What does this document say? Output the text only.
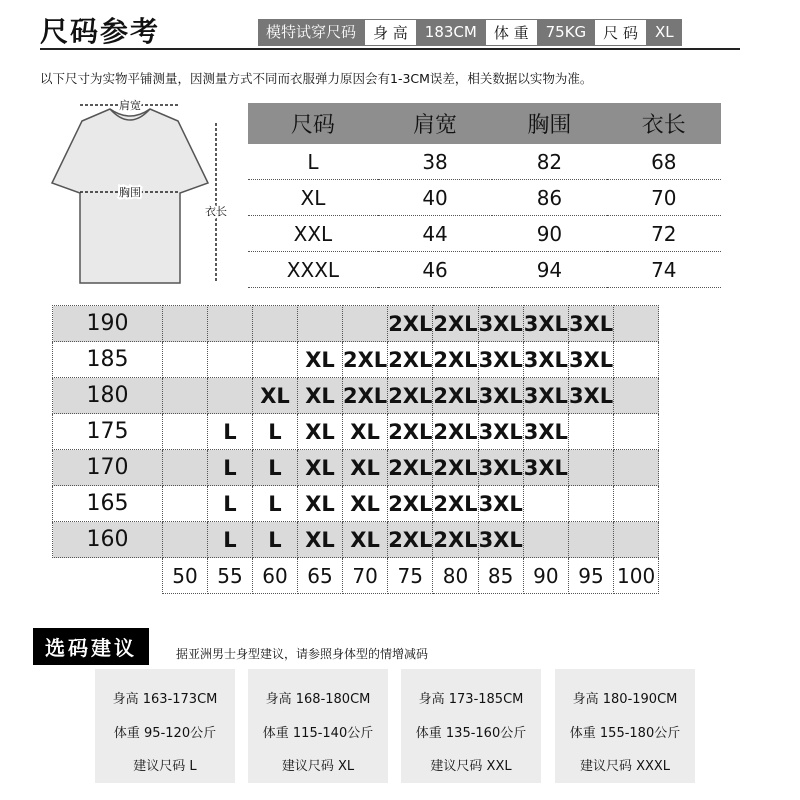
尺码参考	模特试穿尺码	身 高	183CM	体 重	75KG	尺 码	XL
以下尺寸为实物平铺测量，因测量方式不同而衣服弹力原因会有1-3CM误差，相关数据以实物为准。
肩宽
胸围
衣长
尺码	肩宽	胸围	衣长
L	38	82	68
XL	40	86	70
XXL	44	90	72
XXXL	46	94	74
190						2XL	2XL	3XL	3XL	3XL	
185				XL	2XL	2XL	2XL	3XL	3XL	3XL	
180			XL	XL	2XL	2XL	2XL	3XL	3XL	3XL	
175		L	L	XL	XL	2XL	2XL	3XL	3XL		
170		L	L	XL	XL	2XL	2XL	3XL	3XL		
165		L	L	XL	XL	2XL	2XL	3XL			
160		L	L	XL	XL	2XL	2XL	3XL			
	50	55	60	65	70	75	80	85	90	95	100
选码建议	据亚洲男士身型建议，请参照身体型的情增减码
身高 163-173CM
体重 95-120公斤
建议尺码 L
身高 168-180CM
体重 115-140公斤
建议尺码 XL
身高 173-185CM
体重 135-160公斤
建议尺码 XXL
身高 180-190CM
体重 155-180公斤
建议尺码 XXXL
